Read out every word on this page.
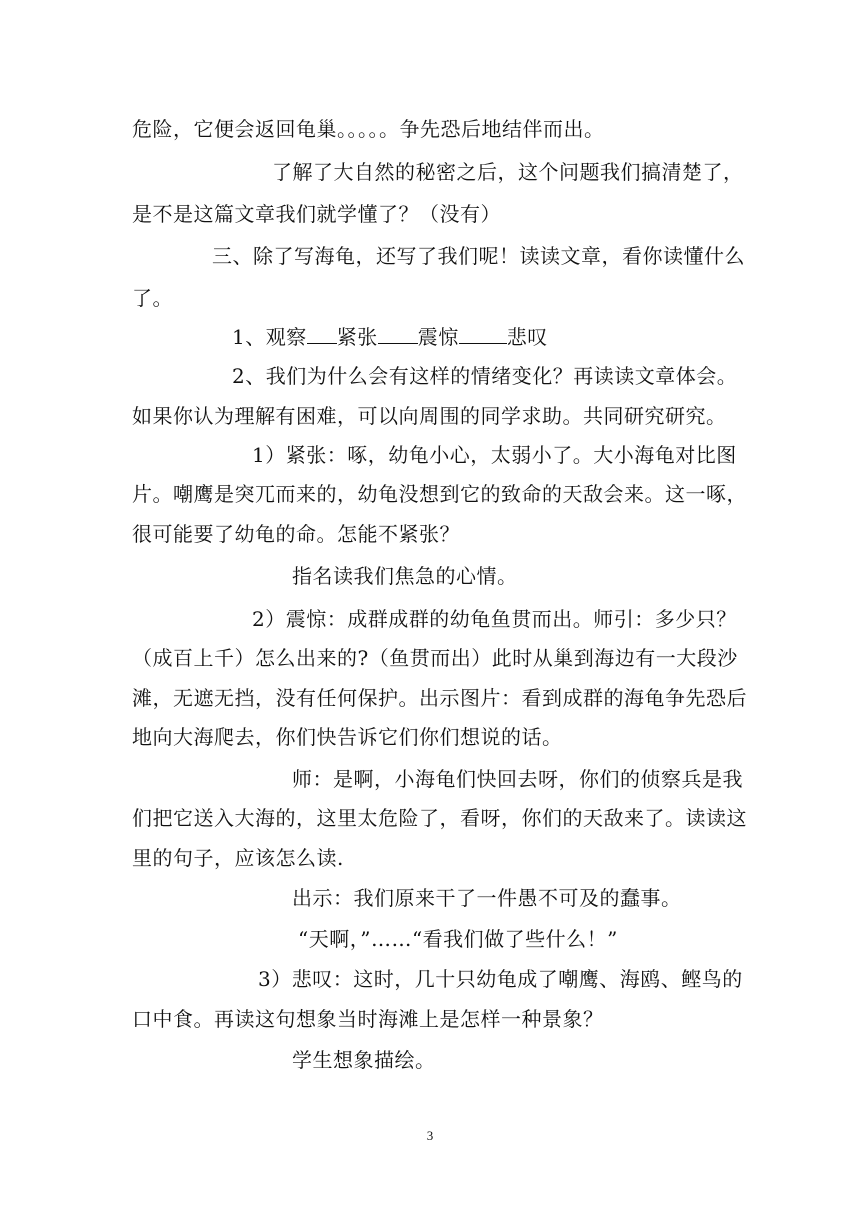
危险，它便会返回龟巢。。。。。争先恐后地结伴而出。
了解了大自然的秘密之后，这个问题我们搞清楚了，
是不是这篇文章我们就学懂了？（没有）
三、除了写海龟，还写了我们呢！读读文章，看你读懂什么
了。
1、观察 紧张 震惊 悲叹
2、我们为什么会有这样的情绪变化？再读读文章体会。
如果你认为理解有困难，可以向周围的同学求助。共同研究研究。
1）紧张：啄，幼龟小心，太弱小了。大小海龟对比图
片。嘲鹰是突兀而来的，幼龟没想到它的致命的天敌会来。这一啄，
很可能要了幼龟的命。怎能不紧张？
指名读我们焦急的心情。
2）震惊：成群成群的幼龟鱼贯而出。师引：多少只？
（成百上千）怎么出来的?（鱼贯而出）此时从巢到海边有一大段沙
滩，无遮无挡，没有任何保护。出示图片：看到成群的海龟争先恐后
地向大海爬去，你们快告诉它们你们想说的话。
师：是啊，小海龟们快回去呀，你们的侦察兵是我
们把它送入大海的，这里太危险了，看呀，你们的天敌来了。读读这
里的句子，应该怎么读.
出示：我们原来干了一件愚不可及的蠢事。
“天啊，”……“看我们做了些什么！”
3）悲叹：这时，几十只幼龟成了嘲鹰、海鸥、鲣鸟的
口中食。再读这句想象当时海滩上是怎样一种景象？
学生想象描绘。
3
